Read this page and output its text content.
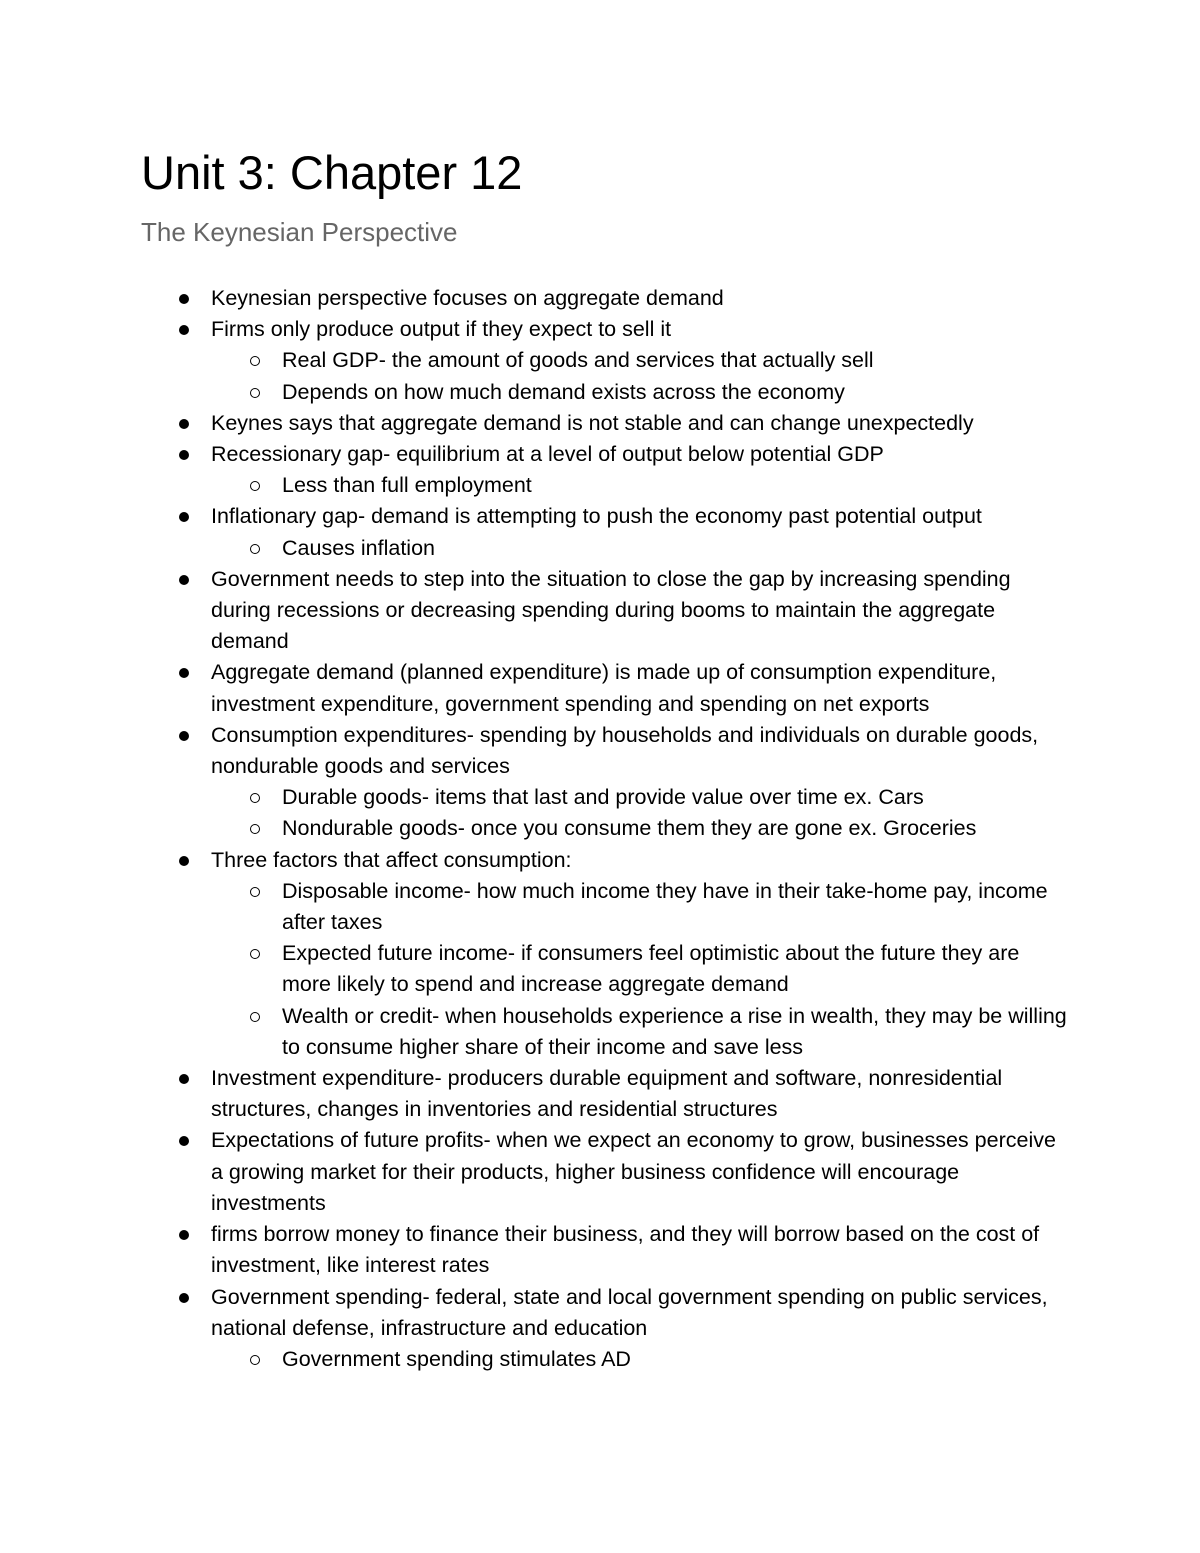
Unit 3: Chapter 12
The Keynesian Perspective
Keynesian perspective focuses on aggregate demand
Firms only produce output if they expect to sell it
Real GDP- the amount of goods and services that actually sell
Depends on how much demand exists across the economy
Keynes says that aggregate demand is not stable and can change unexpectedly
Recessionary gap- equilibrium at a level of output below potential GDP
Less than full employment
Inflationary gap- demand is attempting to push the economy past potential output
Causes inflation
Government needs to step into the situation to close the gap by increasing spending during recessions or decreasing spending during booms to maintain the aggregate demand
Aggregate demand (planned expenditure) is made up of consumption expenditure, investment expenditure, government spending and spending on net exports
Consumption expenditures- spending by households and individuals on durable goods, nondurable goods and services
Durable goods- items that last and provide value over time ex. Cars
Nondurable goods- once you consume them they are gone ex. Groceries
Three factors that affect consumption:
Disposable income- how much income they have in their take-home pay, income after taxes
Expected future income- if consumers feel optimistic about the future they are more likely to spend and increase aggregate demand
Wealth or credit- when households experience a rise in wealth, they may be willing to consume higher share of their income and save less
Investment expenditure- producers durable equipment and software, nonresidential structures, changes in inventories and residential structures
Expectations of future profits- when we expect an economy to grow, businesses perceive a growing market for their products, higher business confidence will encourage investments
firms borrow money to finance their business, and they will borrow based on the cost of investment, like interest rates
Government spending- federal, state and local government spending on public services, national defense, infrastructure and education
Government spending stimulates AD
